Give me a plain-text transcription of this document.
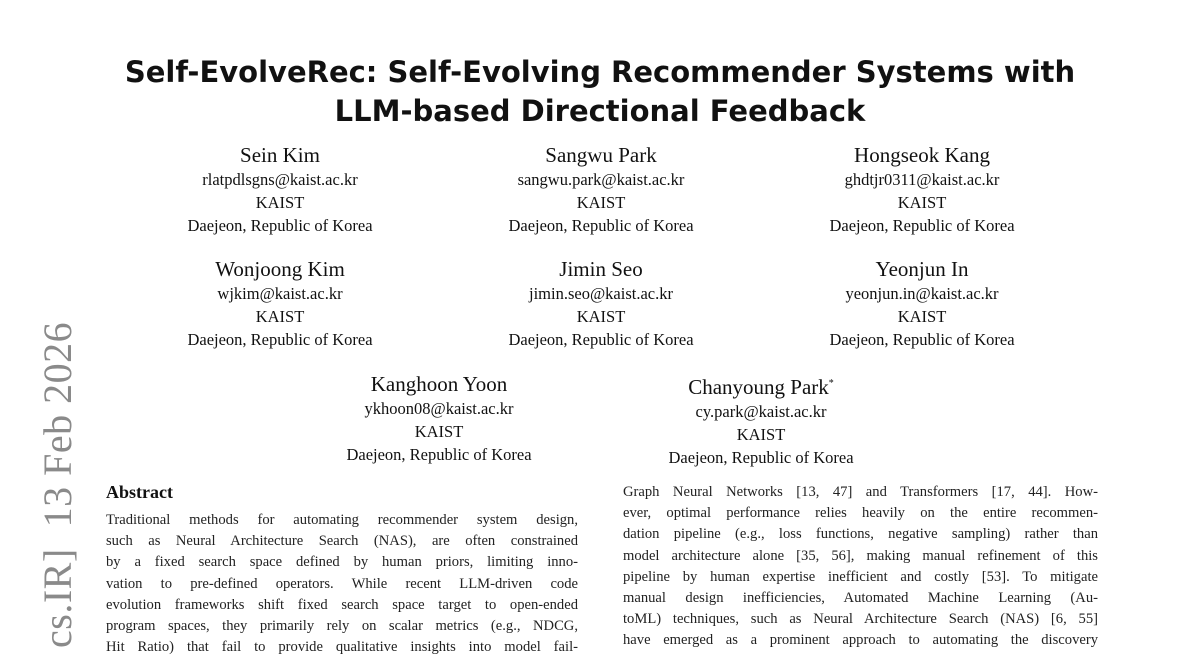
cs.IR]  13 Feb 2026
Self-EvolveRec: Self-Evolving Recommender Systems with
LLM-based Directional Feedback
Sein Kim
rlatpdlsgns@kaist.ac.kr
KAIST
Daejeon, Republic of Korea
Sangwu Park
sangwu.park@kaist.ac.kr
KAIST
Daejeon, Republic of Korea
Hongseok Kang
ghdtjr0311@kaist.ac.kr
KAIST
Daejeon, Republic of Korea
Wonjoong Kim
wjkim@kaist.ac.kr
KAIST
Daejeon, Republic of Korea
Jimin Seo
jimin.seo@kaist.ac.kr
KAIST
Daejeon, Republic of Korea
Yeonjun In
yeonjun.in@kaist.ac.kr
KAIST
Daejeon, Republic of Korea
Kanghoon Yoon
ykhoon08@kaist.ac.kr
KAIST
Daejeon, Republic of Korea
Chanyoung Park*
cy.park@kaist.ac.kr
KAIST
Daejeon, Republic of Korea
Abstract
Traditional methods for automating recommender system design,
such as Neural Architecture Search (NAS), are often constrained
by a fixed search space defined by human priors, limiting inno-
vation to pre-defined operators. While recent LLM-driven code
evolution frameworks shift fixed search space target to open-ended
program spaces, they primarily rely on scalar metrics (e.g., NDCG,
Hit Ratio) that fail to provide qualitative insights into model fail-
Graph Neural Networks [13, 47] and Transformers [17, 44]. How-
ever, optimal performance relies heavily on the entire recommen-
dation pipeline (e.g., loss functions, negative sampling) rather than
model architecture alone [35, 56], making manual refinement of this
pipeline by human expertise inefficient and costly [53]. To mitigate
manual design inefficiencies, Automated Machine Learning (Au-
toML) techniques, such as Neural Architecture Search (NAS) [6, 55]
have emerged as a prominent approach to automating the discovery
